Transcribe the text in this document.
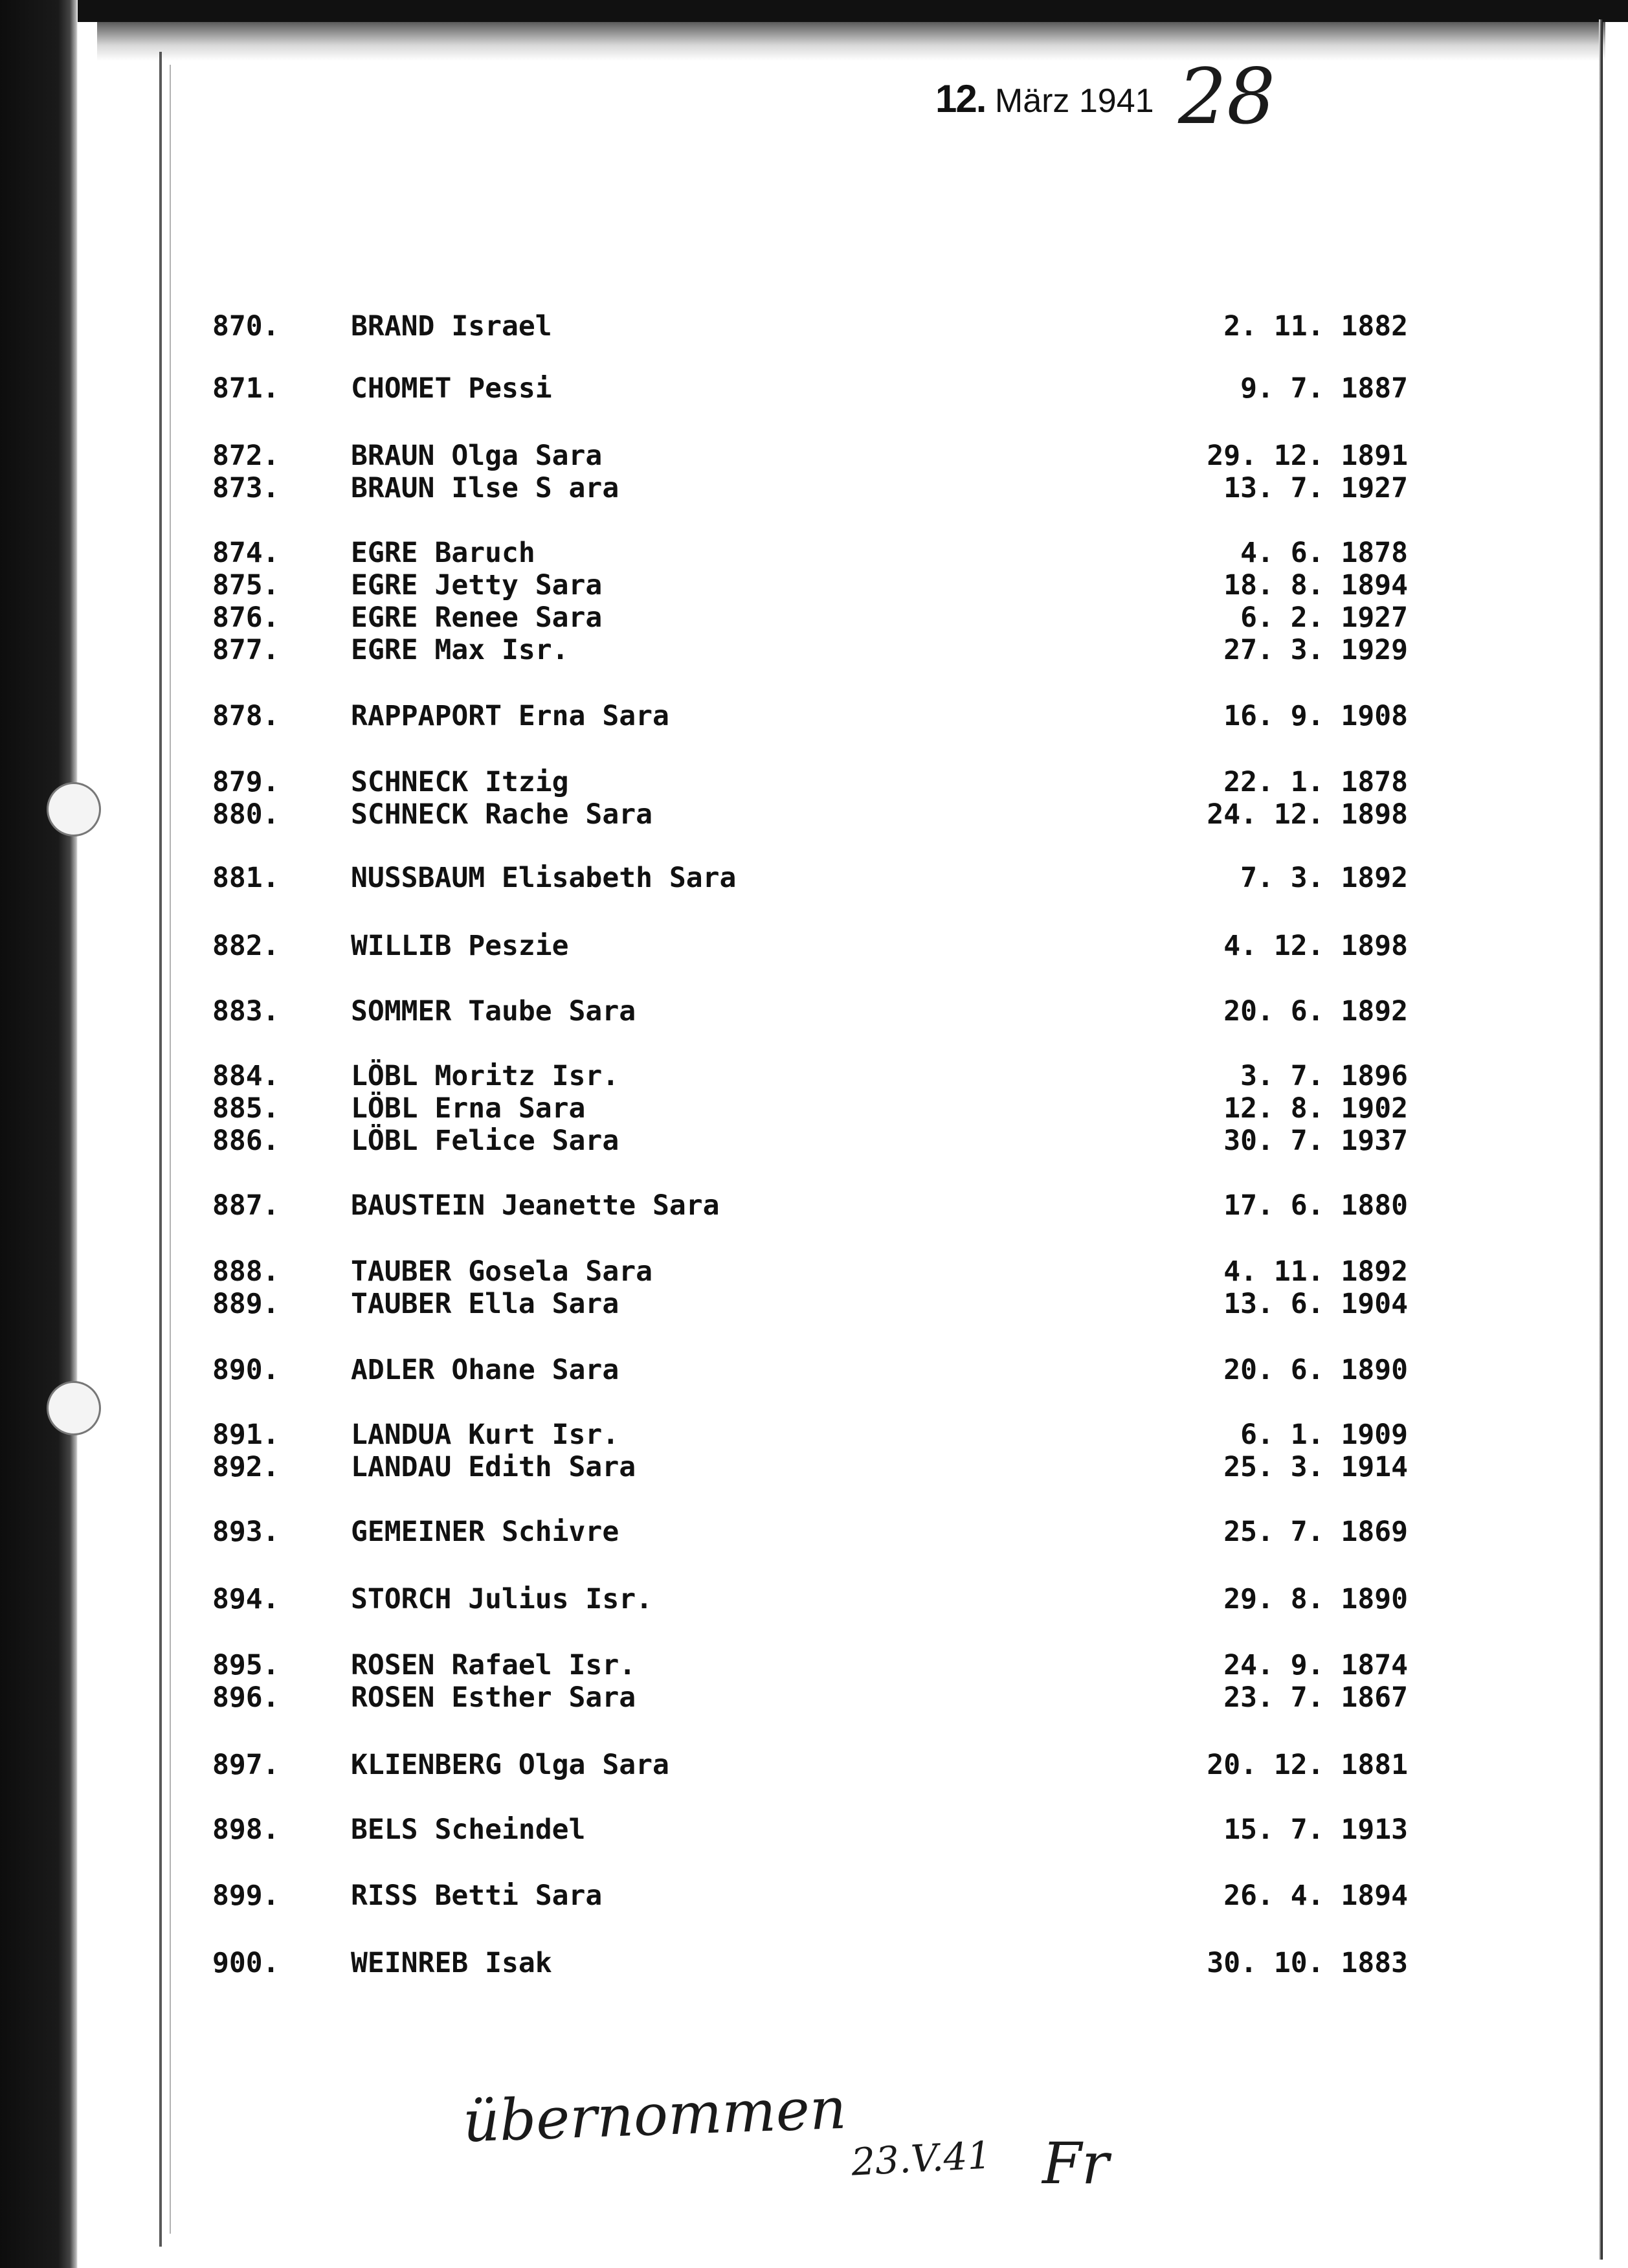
12. März 1941 28
870.	BRAND Israel	2. 11. 1882
871.	CHOMET Pessi	9. 7. 1887
872.	BRAUN Olga Sara	29. 12. 1891
873.	BRAUN Ilse S ara	13. 7. 1927
874.	EGRE Baruch	4. 6. 1878
875.	EGRE Jetty Sara	18. 8. 1894
876.	EGRE Renee Sara	6. 2. 1927
877.	EGRE Max Isr.	27. 3. 1929
878.	RAPPAPORT Erna Sara	16. 9. 1908
879.	SCHNECK Itzig	22. 1. 1878
880.	SCHNECK Rache Sara	24. 12. 1898
881.	NUSSBAUM Elisabeth Sara	7. 3. 1892
882.	WILLIB Peszie	4. 12. 1898
883.	SOMMER Taube Sara	20. 6. 1892
884.	LÖBL Moritz Isr.	3. 7. 1896
885.	LÖBL Erna Sara	12. 8. 1902
886.	LÖBL Felice Sara	30. 7. 1937
887.	BAUSTEIN Jeanette Sara	17. 6. 1880
888.	TAUBER Gosela Sara	4. 11. 1892
889.	TAUBER Ella Sara	13. 6. 1904
890.	ADLER Ohane Sara	20. 6. 1890
891.	LANDUA Kurt Isr.	6. 1. 1909
892.	LANDAU Edith Sara	25. 3. 1914
893.	GEMEINER Schivre	25. 7. 1869
894.	STORCH Julius Isr.	29. 8. 1890
895.	ROSEN Rafael Isr.	24. 9. 1874
896.	ROSEN Esther Sara	23. 7. 1867
897.	KLIENBERG Olga Sara	20. 12. 1881
898.	BELS Scheindel	15. 7. 1913
899.	RISS Betti Sara	26. 4. 1894
900.	WEINREB Isak	30. 10. 1883
übernommen
23.V.41 Fr
